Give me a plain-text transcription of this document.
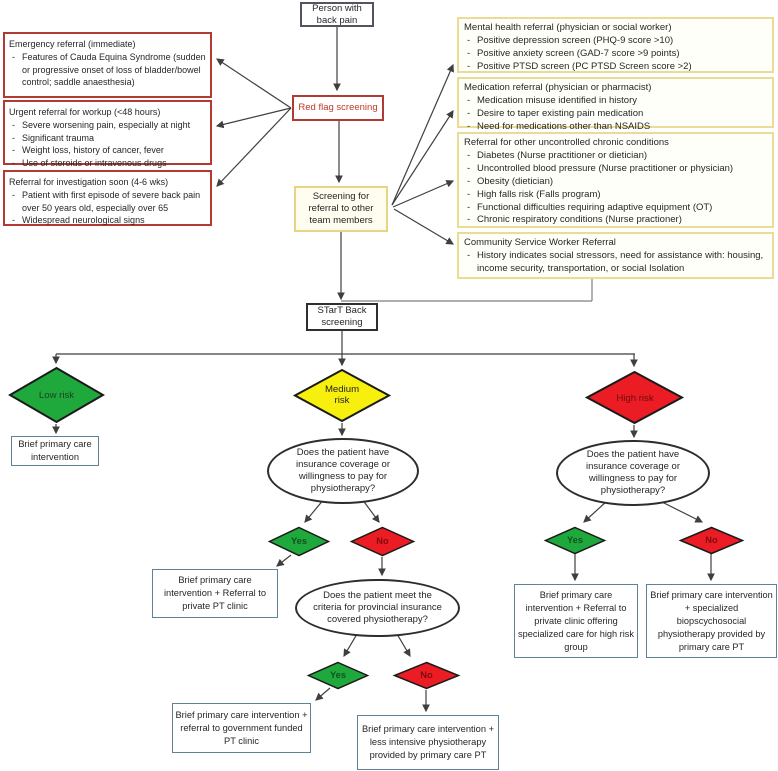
Person with back pain
Red flag screening
Screening for referral to other team members
STarT Back screening
Emergency referral (immediate)
- Features of Cauda Equina Syndrome (sudden or progressive onset of loss of bladder/bowel control; saddle anaesthesia)
Urgent referral for workup (<48 hours)
- Severe worsening pain, especially at night
- Significant trauma
- Weight loss, history of cancer, fever
- Use of steroids or intravenous drugs
Referral for investigation soon (4-6 wks)
- Patient with first episode of severe back pain over 50 years old, especially over 65
- Widespread neurological signs
Mental health referral (physician or social worker)
- Positive depression screen (PHQ-9 score >10)
- Positive anxiety screen (GAD-7 score >9 points)
- Positive PTSD screen (PC PTSD Screen score >2)
Medication referral (physician or pharmacist)
- Medication misuse identified in history
- Desire to taper existing pain medication
- Need for medications other than NSAIDS
Referral for other uncontrolled chronic conditions
- Diabetes (Nurse practitioner or dietician)
- Uncontrolled blood pressure (Nurse practitioner or physician)
- Obesity (dietician)
- High falls risk (Falls program)
- Functional difficulties requiring adaptive equipment (OT)
- Chronic respiratory conditions (Nurse practioner)
Community Service Worker Referral
- History indicates social stressors, need for assistance with: housing, income security, transportation, or social Isolation
Low risk	Medium risk	High risk
Brief primary care intervention	Does the patient have insurance coverage or willingness to pay for physiotherapy?
Yes	No
Brief primary care intervention + Referral to private PT clinic
Does the patient meet the criteria for provincial insurance covered physiotherapy?
Yes	No
Brief primary care intervention + referral to government funded PT clinic
Brief primary care intervention + less intensive physiotherapy provided by primary care PT
Does the patient have insurance coverage or willingness to pay for physiotherapy?
Yes	No
Brief primary care intervention + Referral to private clinic offering specialized care for high risk group
Brief primary care intervention + specialized biopscychosocial physiotherapy provided by primary care PT
